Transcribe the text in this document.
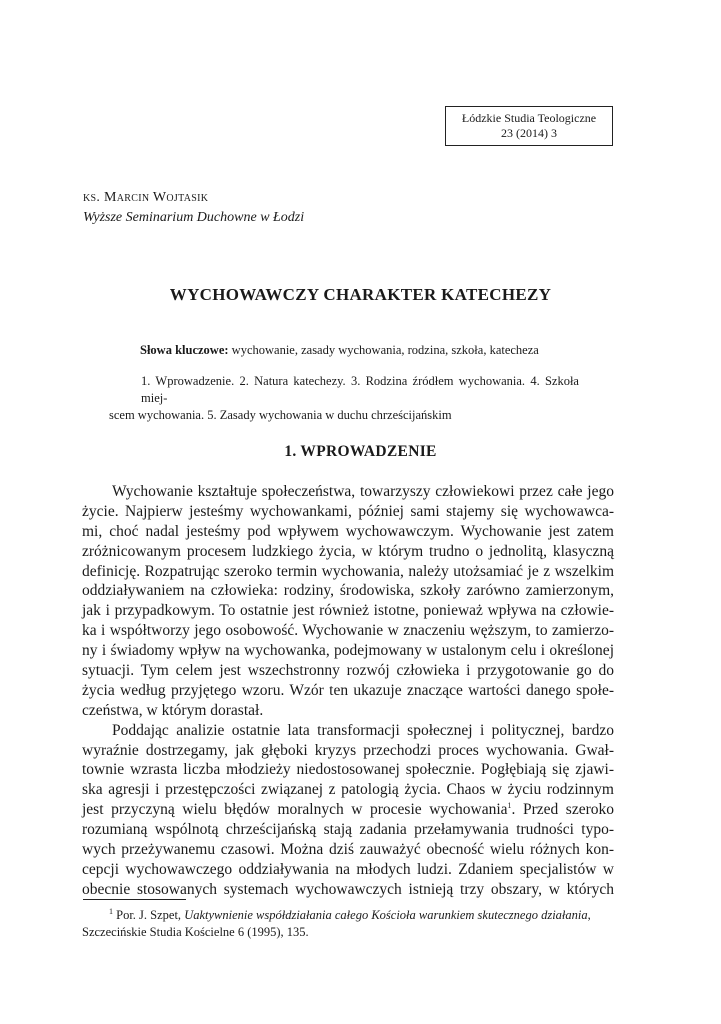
Łódzkie Studia Teologiczne
23 (2014) 3
ks. Marcin Wojtasik
Wyższe Seminarium Duchowne w Łodzi
WYCHOWAWCZY CHARAKTER KATECHEZY
Słowa kluczowe: wychowanie, zasady wychowania, rodzina, szkoła, katecheza
1. Wprowadzenie. 2. Natura katechezy. 3. Rodzina źródłem wychowania. 4. Szkoła miej-
scem wychowania. 5. Zasady wychowania w duchu chrześcijańskim
1. WPROWADZENIE
Wychowanie kształtuje społeczeństwa, towarzyszy człowiekowi przez całe jego
życie. Najpierw jesteśmy wychowankami, później sami stajemy się wychowawca-
mi, choć nadal jesteśmy pod wpływem wychowawczym. Wychowanie jest zatem
zróżnicowanym procesem ludzkiego życia, w którym trudno o jednolitą, klasyczną
definicję. Rozpatrując szeroko termin wychowania, należy utożsamiać je z wszelkim
oddziaływaniem na człowieka: rodziny, środowiska, szkoły zarówno zamierzonym,
jak i przypadkowym. To ostatnie jest również istotne, ponieważ wpływa na człowie-
ka i współtworzy jego osobowość. Wychowanie w znaczeniu węższym, to zamierzo-
ny i świadomy wpływ na wychowanka, podejmowany w ustalonym celu i określonej
sytuacji. Tym celem jest wszechstronny rozwój człowieka i przygotowanie go do
życia według przyjętego wzoru. Wzór ten ukazuje znaczące wartości danego społe-
czeństwa, w którym dorastał.
Poddając analizie ostatnie lata transformacji społecznej i politycznej, bardzo
wyraźnie dostrzegamy, jak głęboki kryzys przechodzi proces wychowania. Gwał-
townie wzrasta liczba młodzieży niedostosowanej społecznie. Pogłębiają się zjawi-
ska agresji i przestępczości związanej z patologią życia. Chaos w życiu rodzinnym
jest przyczyną wielu błędów moralnych w procesie wychowania$^1$. Przed szeroko
rozumianą wspólnotą chrześcijańską stają zadania przełamywania trudności typo-
wych przeżywanemu czasowi. Można dziś zauważyć obecność wielu różnych kon-
cepcji wychowawczego oddziaływania na młodych ludzi. Zdaniem specjalistów w
obecnie stosowanych systemach wychowawczych istnieją trzy obszary, w których
$^1$ Por. J. Szpet, Uaktywnienie współdziałania całego Kościoła warunkiem skutecznego działania,
Szczecińskie Studia Kościelne 6 (1995), 135.
